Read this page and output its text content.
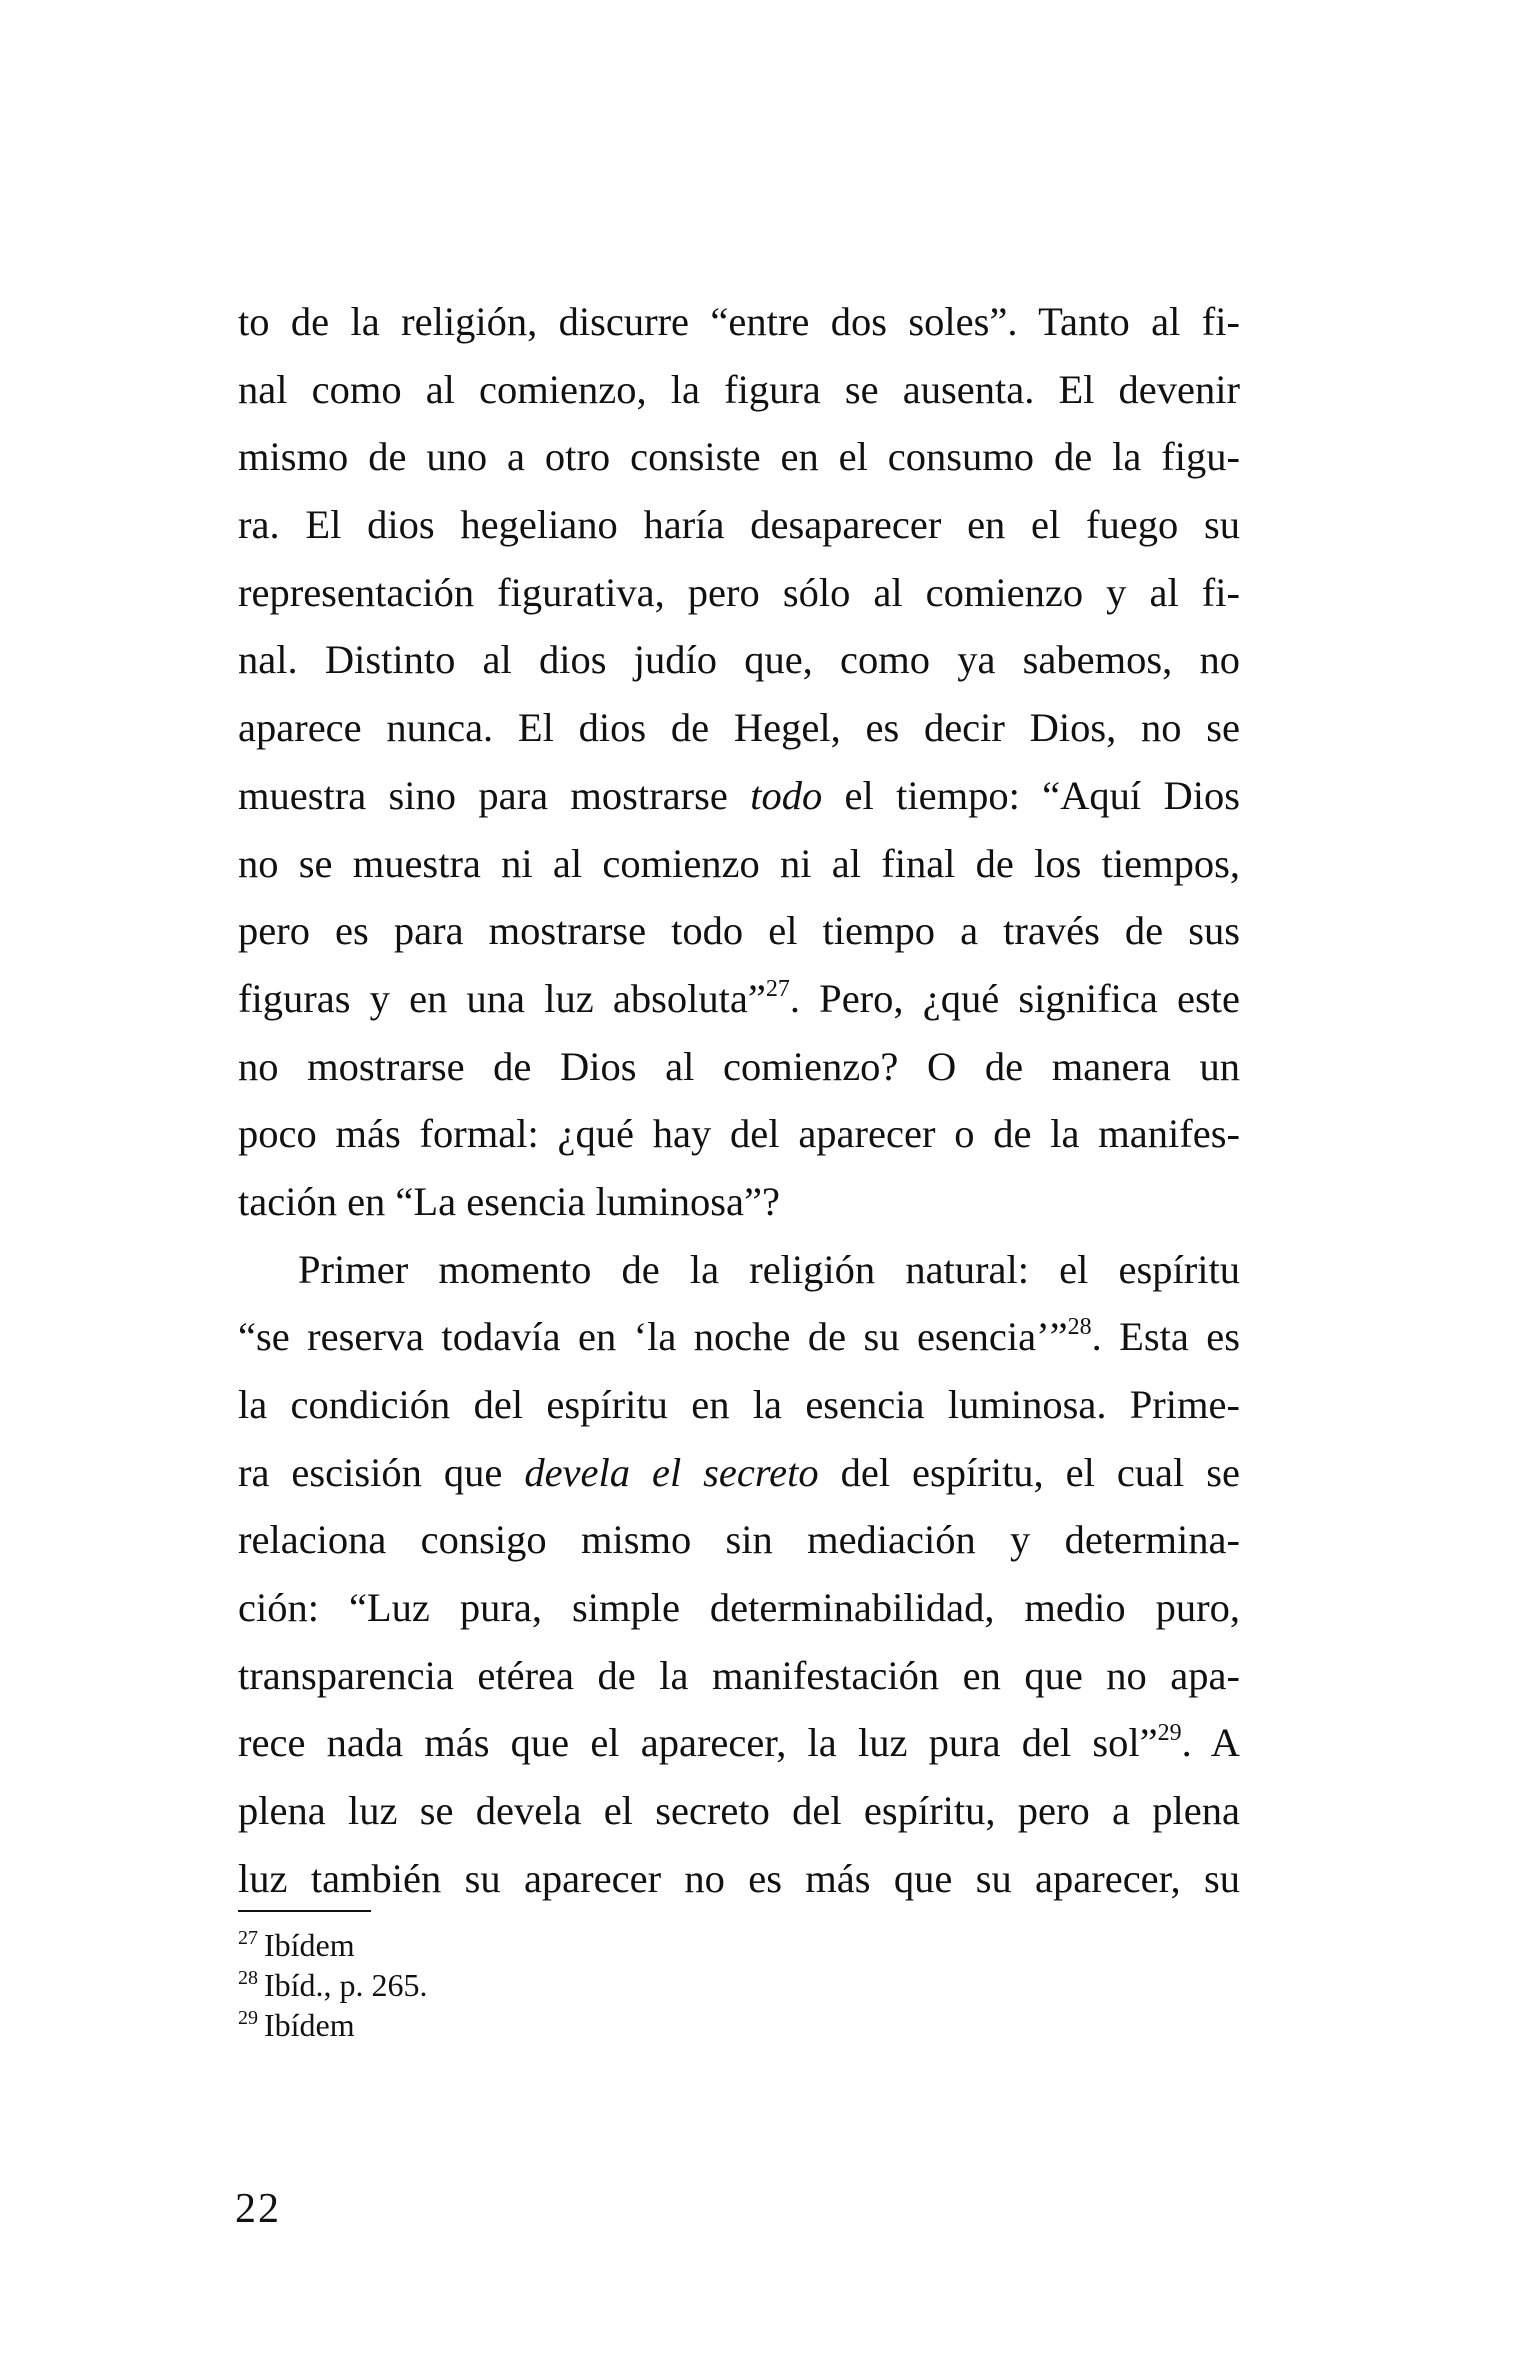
to de la religión, discurre “entre dos soles”. Tanto al fi-
nal como al comienzo, la figura se ausenta. El devenir
mismo de uno a otro consiste en el consumo de la figu-
ra. El dios hegeliano haría desaparecer en el fuego su
representación figurativa, pero sólo al comienzo y al fi-
nal. Distinto al dios judío que, como ya sabemos, no
aparece nunca. El dios de Hegel, es decir Dios, no se
muestra sino para mostrarse todo el tiempo: “Aquí Dios
no se muestra ni al comienzo ni al final de los tiempos,
pero es para mostrarse todo el tiempo a través de sus
figuras y en una luz absoluta”$^{27}$. Pero, ¿qué significa este
no mostrarse de Dios al comienzo? O de manera un
poco más formal: ¿qué hay del aparecer o de la manifes-
tación en “La esencia luminosa”?
Primer momento de la religión natural: el espíritu
“se reserva todavía en ‘la noche de su esencia’”$^{28}$. Esta es
la condición del espíritu en la esencia luminosa. Prime-
ra escisión que devela el secreto del espíritu, el cual se
relaciona consigo mismo sin mediación y determina-
ción: “Luz pura, simple determinabilidad, medio puro,
transparencia etérea de la manifestación en que no apa-
rece nada más que el aparecer, la luz pura del sol”$^{29}$. A
plena luz se devela el secreto del espíritu, pero a plena
luz también su aparecer no es más que su aparecer, su
$^{27}$ Ibídem
$^{28}$ Ibíd., p. 265.
$^{29}$ Ibídem
22
